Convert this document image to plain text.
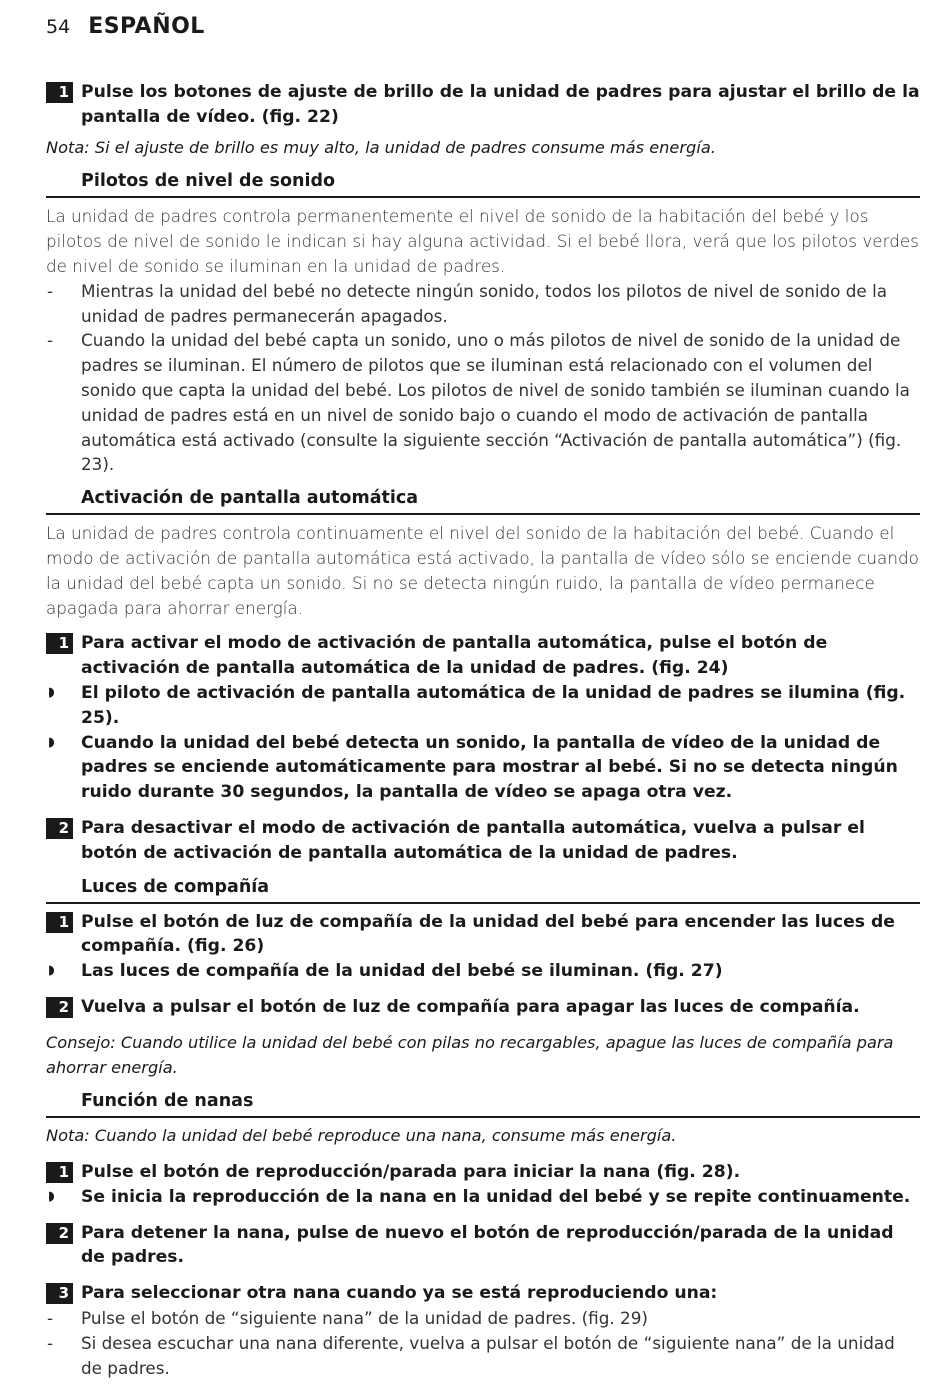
54 ESPAÑOL
1 Pulse los botones de ajuste de brillo de la unidad de padres para ajustar el brillo de la pantalla de vídeo. (fig. 22)
Nota: Si el ajuste de brillo es muy alto, la unidad de padres consume más energía.
Pilotos de nivel de sonido
La unidad de padres controla permanentemente el nivel de sonido de la habitación del bebé y los pilotos de nivel de sonido le indican si hay alguna actividad. Si el bebé llora, verá que los pilotos verdes de nivel de sonido se iluminan en la unidad de padres.
- Mientras la unidad del bebé no detecte ningún sonido, todos los pilotos de nivel de sonido de la unidad de padres permanecerán apagados.
- Cuando la unidad del bebé capta un sonido, uno o más pilotos de nivel de sonido de la unidad de padres se iluminan. El número de pilotos que se iluminan está relacionado con el volumen del sonido que capta la unidad del bebé. Los pilotos de nivel de sonido también se iluminan cuando la unidad de padres está en un nivel de sonido bajo o cuando el modo de activación de pantalla automática está activado (consulte la siguiente sección “Activación de pantalla automática”) (fig. 23).
Activación de pantalla automática
La unidad de padres controla continuamente el nivel del sonido de la habitación del bebé. Cuando el modo de activación de pantalla automática está activado, la pantalla de vídeo sólo se enciende cuando la unidad del bebé capta un sonido. Si no se detecta ningún ruido, la pantalla de vídeo permanece apagada para ahorrar energía.
1 Para activar el modo de activación de pantalla automática, pulse el botón de activación de pantalla automática de la unidad de padres. (fig. 24)
◗ El piloto de activación de pantalla automática de la unidad de padres se ilumina (fig. 25).
◗ Cuando la unidad del bebé detecta un sonido, la pantalla de vídeo de la unidad de padres se enciende automáticamente para mostrar al bebé. Si no se detecta ningún ruido durante 30 segundos, la pantalla de vídeo se apaga otra vez.
2 Para desactivar el modo de activación de pantalla automática, vuelva a pulsar el botón de activación de pantalla automática de la unidad de padres.
Luces de compañía
1 Pulse el botón de luz de compañía de la unidad del bebé para encender las luces de compañía. (fig. 26)
◗ Las luces de compañía de la unidad del bebé se iluminan. (fig. 27)
2 Vuelva a pulsar el botón de luz de compañía para apagar las luces de compañía.
Consejo: Cuando utilice la unidad del bebé con pilas no recargables, apague las luces de compañía para ahorrar energía.
Función de nanas
Nota: Cuando la unidad del bebé reproduce una nana, consume más energía.
1 Pulse el botón de reproducción/parada para iniciar la nana (fig. 28).
◗ Se inicia la reproducción de la nana en la unidad del bebé y se repite continuamente.
2 Para detener la nana, pulse de nuevo el botón de reproducción/parada de la unidad de padres.
3 Para seleccionar otra nana cuando ya se está reproduciendo una:
- Pulse el botón de “siguiente nana” de la unidad de padres. (fig. 29)
- Si desea escuchar una nana diferente, vuelva a pulsar el botón de “siguiente nana” de la unidad de padres.
